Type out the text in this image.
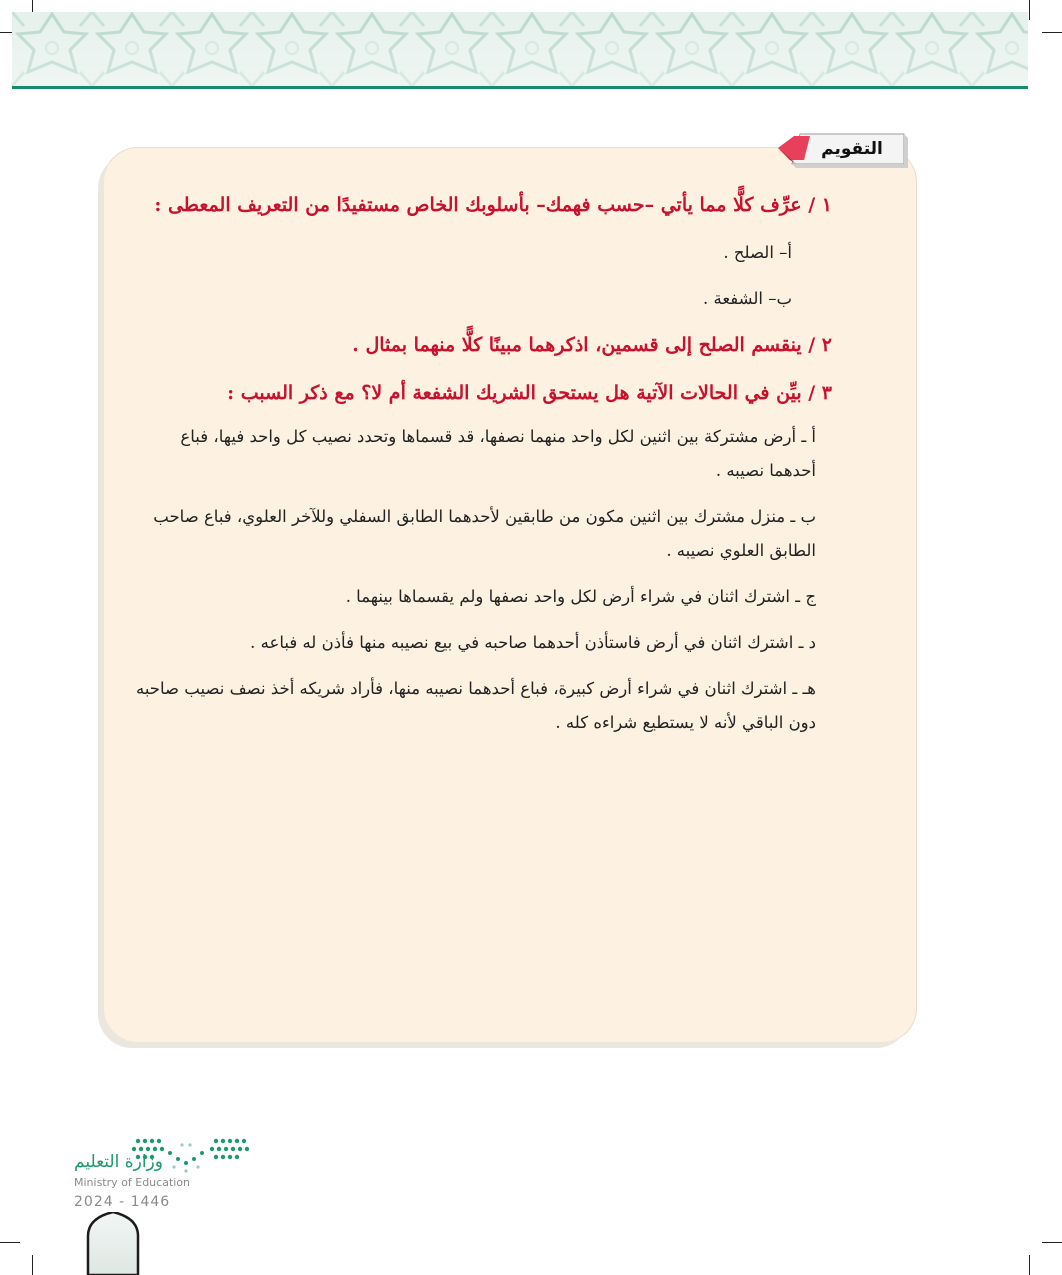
التقويم

١ / عرِّف كلًّا مما يأتي –حسب فهمك– بأسلوبك الخاص مستفيدًا من التعريف المعطى :

أ– الصلح .

ب– الشفعة .

٢ / ينقسم الصلح إلى قسمين، اذكرهما مبينًا كلًّا منهما بمثال .

٣ / بيِّن في الحالات الآتية هل يستحق الشريك الشفعة أم لا؟ مع ذكر السبب :

أ ـ أرض مشتركة بين اثنين لكل واحد منهما نصفها، قد قسماها وتحدد نصيب كل واحد فيها، فباع أحدهما نصيبه .

ب ـ منزل مشترك بين اثنين مكون من طابقين لأحدهما الطابق السفلي وللآخر العلوي، فباع صاحب الطابق العلوي نصيبه .

ج ـ اشترك اثنان في شراء أرض لكل واحد نصفها ولم يقسماها بينهما .

د ـ اشترك اثنان في أرض فاستأذن أحدهما صاحبه في بيع نصيبه منها فأذن له فباعه .

هـ ـ اشترك اثنان في شراء أرض كبيرة، فباع أحدهما نصيبه منها، فأراد شريكه أخذ نصف نصيب صاحبه دون الباقي لأنه لا يستطيع شراءه كله .

وزارة التعليم
Ministry of Education
2024 - 1446
